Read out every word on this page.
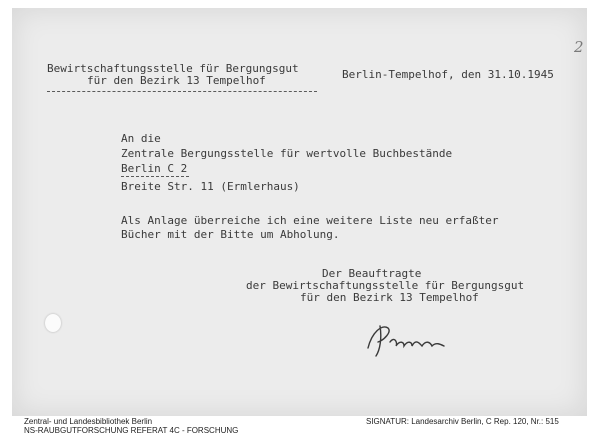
2

Bewirtschaftungsstelle für Bergungsgut

für den Bezirk 13 Tempelhof	Berlin-Tempelhof, den 31.10.1945

An die

Zentrale Bergungsstelle für wertvolle Buchbestände

Berlin C 2

Breite Str. 11 (Ermlerhaus)

Als Anlage überreiche ich eine weitere Liste neu erfaßter

Bücher mit der Bitte um Abholung.

Der Beauftragte

der Bewirtschaftungsstelle für Bergungsgut

für den Bezirk 13 Tempelhof

Zentral- und Landesbibliothek Berlin

NS-RAUBGUTFORSCHUNG REFERAT 4C - FORSCHUNG

SIGNATUR: Landesarchiv Berlin, C Rep. 120, Nr.: 515
